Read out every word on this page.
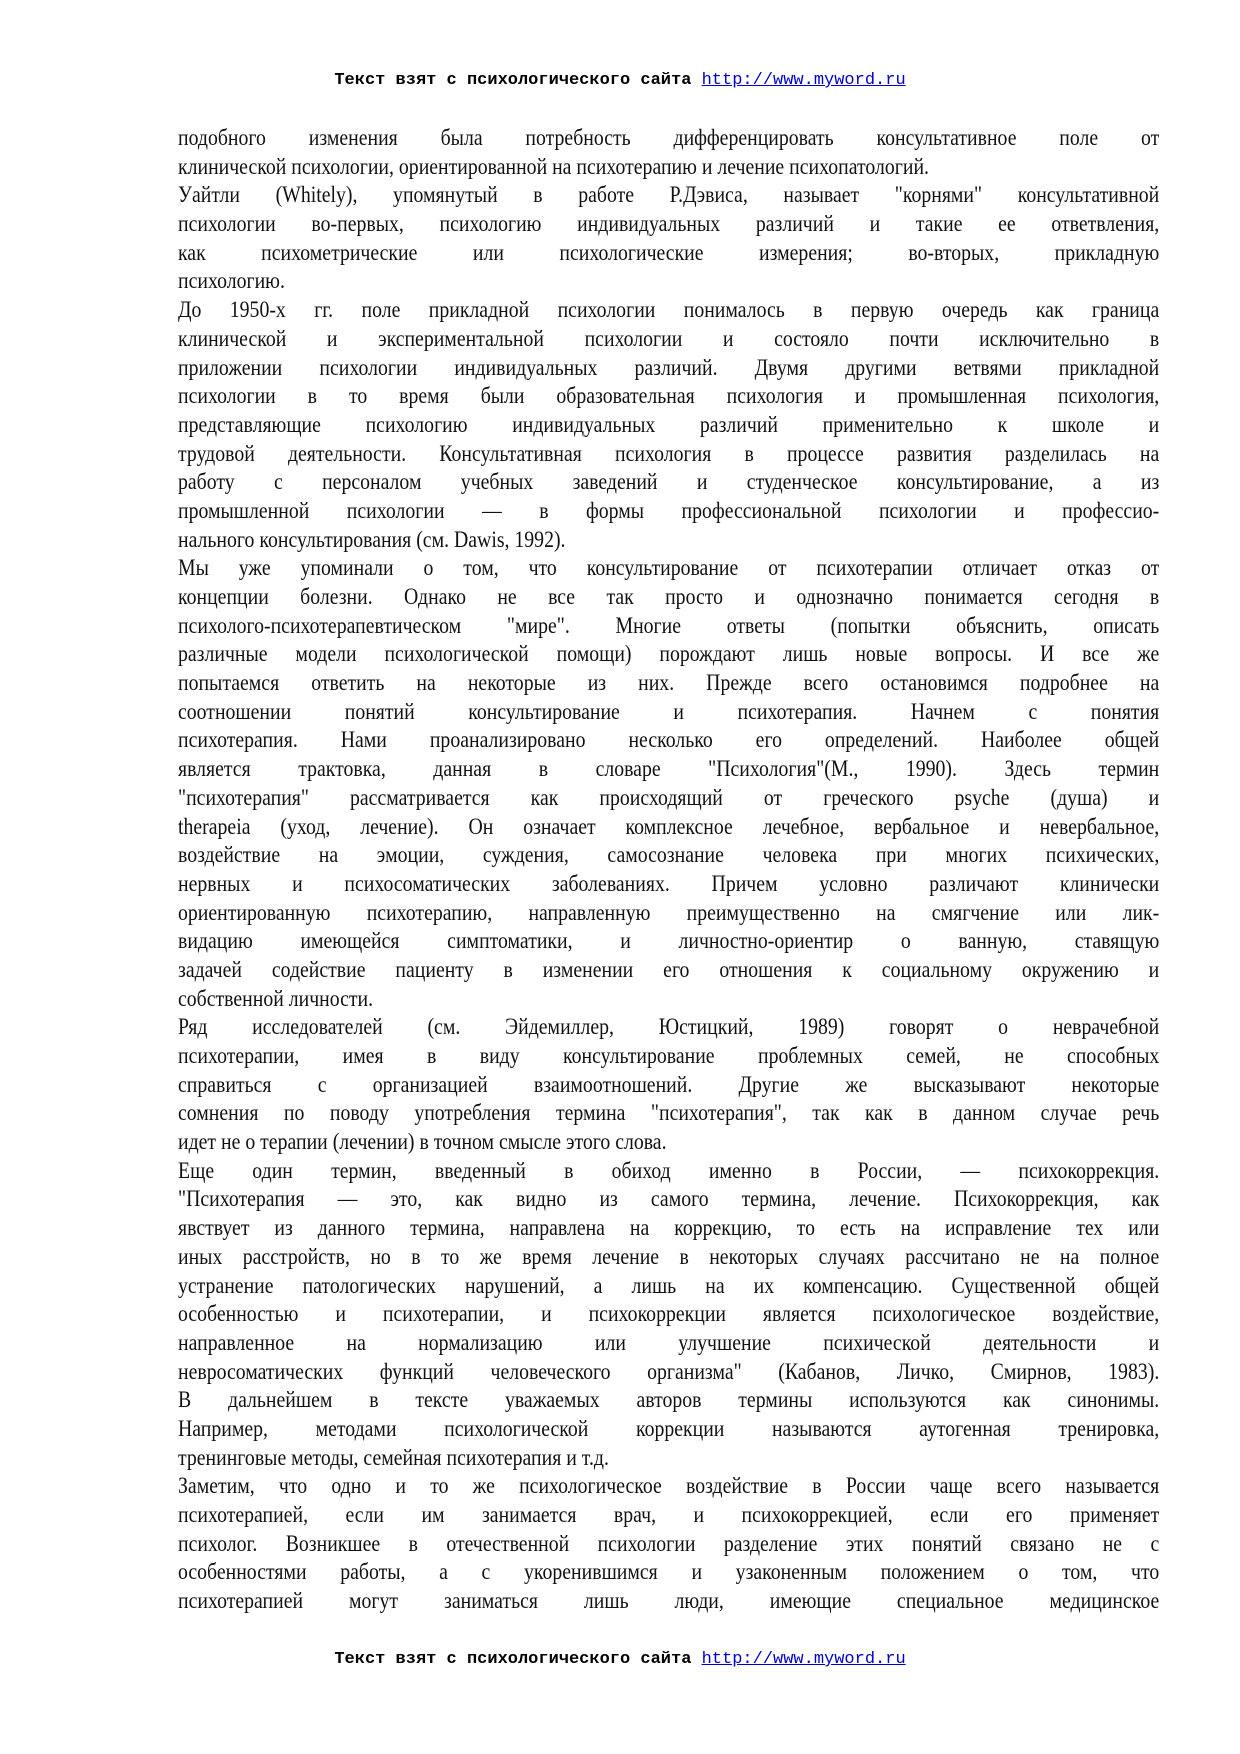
Текст взят с психологического сайта http://www.myword.ru
подобного изменения была потребность дифференцировать консультативное поле от
клинической психологии, ориентированной на психотерапию и лечение психопатологий.
Уайтли (Whitely), упомянутый в работе Р.Дэвиса, называет "корнями" консультативной
психологии во-первых, психологию индивидуальных различий и такие ее ответвления,
как психометрические или психологические измерения; во-вторых, прикладную
психологию.
До 1950-х гг. поле прикладной психологии понималось в первую очередь как граница
клинической и экспериментальной психологии и состояло почти исключительно в
приложении психологии индивидуальных различий. Двумя другими ветвями прикладной
психологии в то время были образовательная психология и промышленная психология,
представляющие психологию индивидуальных различий применительно к школе и
трудовой деятельности. Консультативная психология в процессе развития разделилась на
работу с персоналом учебных заведений и студенческое консультирование, а из
промышленной психологии — в формы профессиональной психологии и профессио-
нального консультирования (см. Dawis, 1992).
Мы уже упоминали о том, что консультирование от психотерапии отличает отказ от
концепции болезни. Однако не все так просто и однозначно понимается сегодня в
психолого-психотерапевтическом "мире". Многие ответы (попытки объяснить, описать
различные модели психологической помощи) порождают лишь новые вопросы. И все же
попытаемся ответить на некоторые из них. Прежде всего остановимся подробнее на
соотношении понятий консультирование и психотерапия. Начнем с понятия
психотерапия. Нами проанализировано несколько его определений. Наиболее общей
является трактовка, данная в словаре "Психология"(М., 1990). Здесь термин
"психотерапия" рассматривается как происходящий от греческого psyche (душа) и
therapeia (уход, лечение). Он означает комплексное лечебное, вербальное и невербальное,
воздействие на эмоции, суждения, самосознание человека при многих психических,
нервных и психосоматических заболеваниях. Причем условно различают клинически
ориентированную психотерапию, направленную преимущественно на смягчение или лик-
видацию имеющейся симптоматики, и личностно-ориентир о ванную, ставящую
задачей содействие пациенту в изменении его отношения к социальному окружению и
собственной личности.
Ряд исследователей (см. Эйдемиллер, Юстицкий, 1989) говорят о неврачебной
психотерапии, имея в виду консультирование проблемных семей, не способных
справиться с организацией взаимоотношений. Другие же высказывают некоторые
сомнения по поводу употребления термина "психотерапия", так как в данном случае речь
идет не о терапии (лечении) в точном смысле этого слова.
Еще один термин, введенный в обиход именно в России, — психокоррекция.
"Психотерапия — это, как видно из самого термина, лечение. Психокоррекция, как
явствует из данного термина, направлена на коррекцию, то есть на исправление тех или
иных расстройств, но в то же время лечение в некоторых случаях рассчитано не на полное
устранение патологических нарушений, а лишь на их компенсацию. Существенной общей
особенностью и психотерапии, и психокоррекции является психологическое воздействие,
направленное на нормализацию или улучшение психической деятельности и
невросоматических функций человеческого организма" (Кабанов, Личко, Смирнов, 1983).
В дальнейшем в тексте уважаемых авторов термины используются как синонимы.
Например, методами психологической коррекции называются аутогенная тренировка,
тренинговые методы, семейная психотерапия и т.д.
Заметим, что одно и то же психологическое воздействие в России чаще всего называется
психотерапией, если им занимается врач, и психокоррекцией, если его применяет
психолог. Возникшее в отечественной психологии разделение этих понятий связано не с
особенностями работы, а с укоренившимся и узаконенным положением о том, что
психотерапией могут заниматься лишь люди, имеющие специальное медицинское
Текст взят с психологического сайта http://www.myword.ru
